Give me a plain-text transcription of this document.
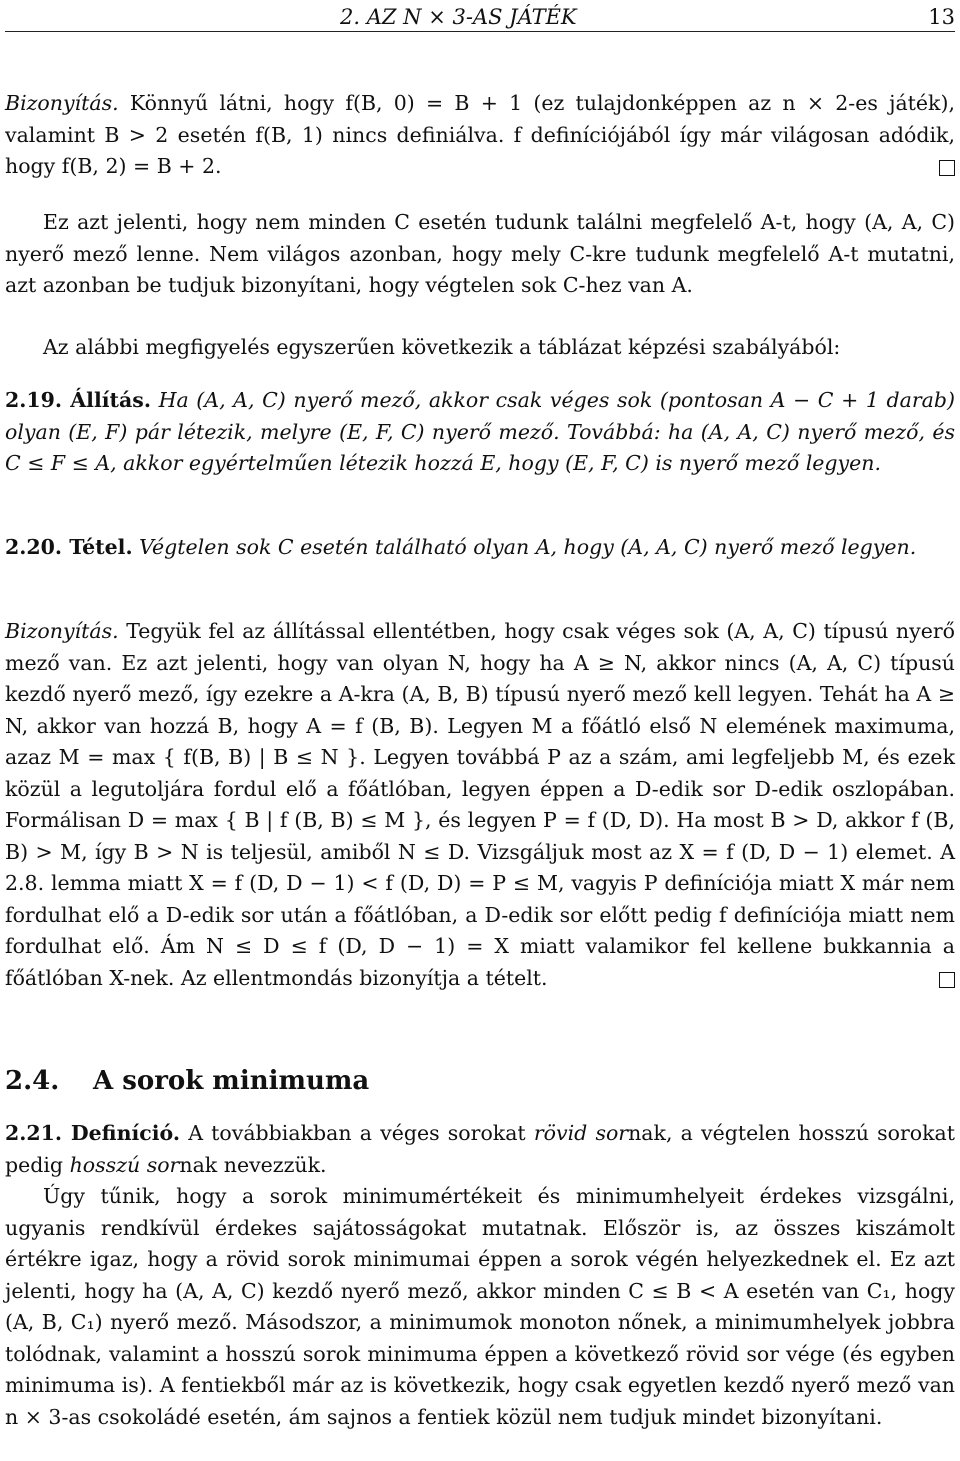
2. AZ N × 3-AS JÁTÉK	13
Bizonyítás. Könnyű látni, hogy f(B, 0) = B + 1 (ez tulajdonképpen az n × 2-es játék), valamint B > 2 esetén f(B, 1) nincs definiálva. f definíciójából így már világosan adódik, hogy f(B, 2) = B + 2.
Ez azt jelenti, hogy nem minden C esetén tudunk találni megfelelő A-t, hogy (A, A, C) nyerő mező lenne. Nem világos azonban, hogy mely C-kre tudunk megfelelő A-t mutatni, azt azonban be tudjuk bizonyítani, hogy végtelen sok C-hez van A.
Az alábbi megfigyelés egyszerűen következik a táblázat képzési szabályából:
2.19. Állítás. Ha (A, A, C) nyerő mező, akkor csak véges sok (pontosan A − C + 1 darab) olyan (E, F) pár létezik, melyre (E, F, C) nyerő mező. Továbbá: ha (A, A, C) nyerő mező, és C ≤ F ≤ A, akkor egyértelműen létezik hozzá E, hogy (E, F, C) is nyerő mező legyen.
2.20. Tétel. Végtelen sok C esetén található olyan A, hogy (A, A, C) nyerő mező legyen.
Bizonyítás. Tegyük fel az állítással ellentétben, hogy csak véges sok (A, A, C) típusú nyerő mező van. Ez azt jelenti, hogy van olyan N, hogy ha A ≥ N, akkor nincs (A, A, C) típusú kezdő nyerő mező, így ezekre a A-kra (A, B, B) típusú nyerő mező kell legyen. Tehát ha A ≥ N, akkor van hozzá B, hogy A = f (B, B). Legyen M a főátló első N elemének maximuma, azaz M = max { f(B, B) | B ≤ N }. Legyen továbbá P az a szám, ami legfeljebb M, és ezek közül a legutoljára fordul elő a főátlóban, legyen éppen a D-edik sor D-edik oszlopában. Formálisan D = max { B | f (B, B) ≤ M }, és legyen P = f (D, D). Ha most B > D, akkor f (B, B) > M, így B > N is teljesül, amiből N ≤ D. Vizsgáljuk most az X = f (D, D − 1) elemet. A 2.8. lemma miatt X = f (D, D − 1) < f (D, D) = P ≤ M, vagyis P definíciója miatt X már nem fordulhat elő a D-edik sor után a főátlóban, a D-edik sor előtt pedig f definíciója miatt nem fordulhat elő. Ám N ≤ D ≤ f (D, D − 1) = X miatt valamikor fel kellene bukkannia a főátlóban X-nek. Az ellentmondás bizonyítja a tételt.
2.4. A sorok minimuma
2.21. Definíció. A továbbiakban a véges sorokat rövid sornak, a végtelen hosszú sorokat pedig hosszú sornak nevezzük.
Úgy tűnik, hogy a sorok minimumértékeit és minimumhelyeit érdekes vizsgálni, ugyanis rendkívül érdekes sajátosságokat mutatnak. Először is, az összes kiszámolt értékre igaz, hogy a rövid sorok minimumai éppen a sorok végén helyezkednek el. Ez azt jelenti, hogy ha (A, A, C) kezdő nyerő mező, akkor minden C ≤ B < A esetén van C₁, hogy (A, B, C₁) nyerő mező. Másodszor, a minimumok monoton nőnek, a minimumhelyek jobbra tolódnak, valamint a hosszú sorok minimuma éppen a következő rövid sor vége (és egyben minimuma is). A fentiekből már az is következik, hogy csak egyetlen kezdő nyerő mező van n × 3-as csokoládé esetén, ám sajnos a fentiek közül nem tudjuk mindet bizonyítani.
